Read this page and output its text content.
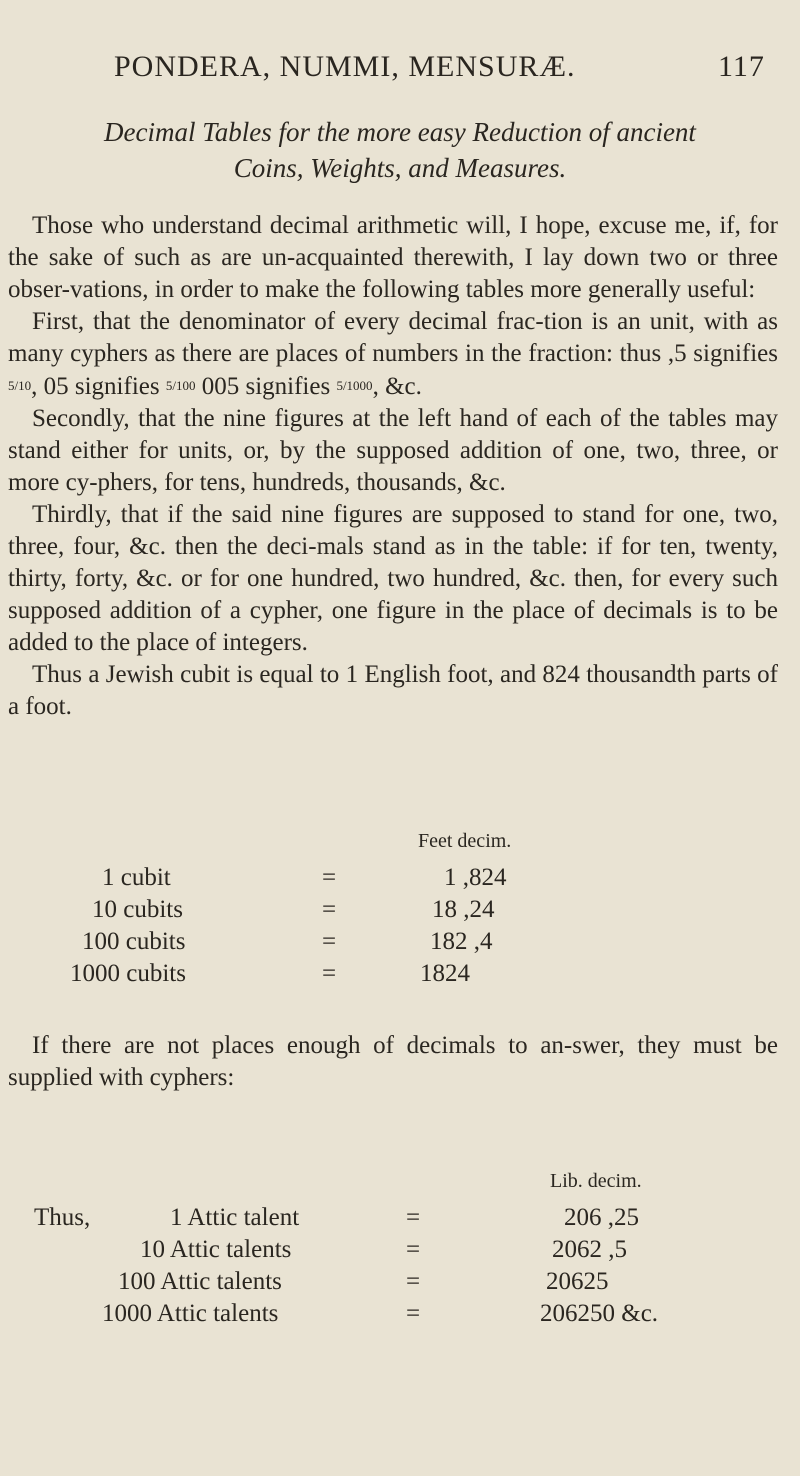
PONDERA, NUMMI, MENSURÆ.	117
Decimal Tables for the more easy Reduction of ancient
Coins, Weights, and Measures.

Those who understand decimal arithmetic will, I hope, excuse me, if, for the sake of such as are un-acquainted therewith, I lay down two or three obser-vations, in order to make the following tables more generally useful:

First, that the denominator of every decimal frac-tion is an unit, with as many cyphers as there are places of numbers in the fraction: thus ,5 signifies 5/10, 05 signifies 5/100 005 signifies 5/1000, &c.

Secondly, that the nine figures at the left hand of each of the tables may stand either for units, or, by the supposed addition of one, two, three, or more cy-phers, for tens, hundreds, thousands, &c.

Thirdly, that if the said nine figures are supposed to stand for one, two, three, four, &c. then the deci-mals stand as in the table: if for ten, twenty, thirty, forty, &c. or for one hundred, two hundred, &c. then, for every such supposed addition of a cypher, one figure in the place of decimals is to be added to the place of integers.

Thus a Jewish cubit is equal to 1 English foot, and 824 thousandth parts of a foot.

Feet decim.
1 cubit	=	1 ,824
10 cubits	=	18 ,24
100 cubits	=	182 ,4
1000 cubits	=	1824

If there are not places enough of decimals to an-swer, they must be supplied with cyphers:

Lib. decim.
Thus,	1 Attic talent	=	206 ,25
10 Attic talents	=	2062 ,5
100 Attic talents	=	20625
1000 Attic talents	=	206250 &c.
